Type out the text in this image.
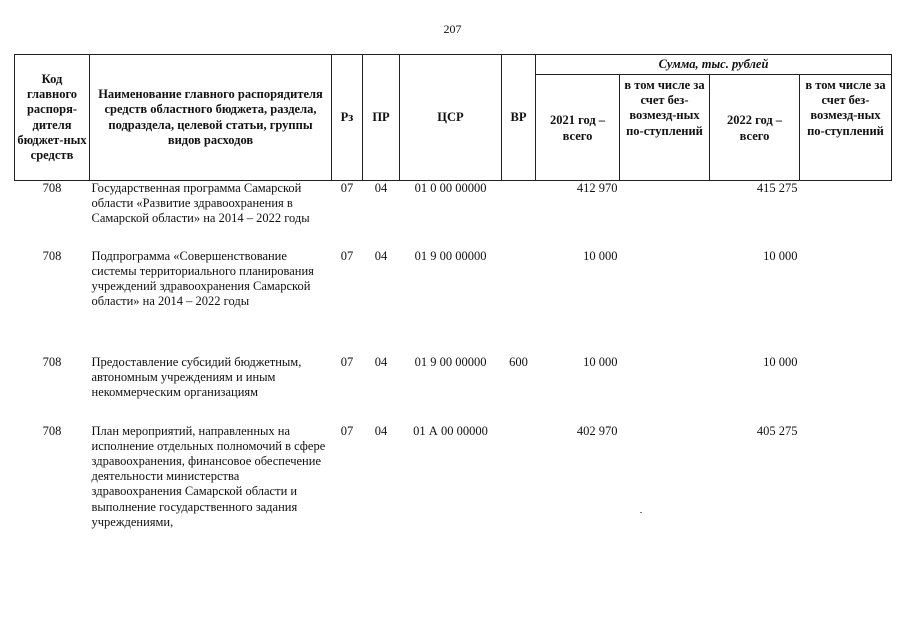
207
Код главного распоря-дителя бюджет-ных средств	Наименование главного распорядителя средств областного бюджета, раздела, подраздела, целевой статьи, группы видов расходов	Рз	ПР	ЦСР	ВР	Сумма, тыс. рублей			
						2021 год – всего	в том числе за счет без-возмезд-ных по-ступлений	2022 год – всего	в том числе за счет без-возмезд-ных по-ступлений
708	Государственная программа Самарской области «Развитие здравоохранения в Самарской области» на 2014 – 2022 годы	07	04	01 0 00 00000		412 970		415 275	
708	Подпрограмма «Совершенствование системы территориального планирования учреждений здравоохранения Самарской области» на 2014 – 2022 годы	07	04	01 9 00 00000		10 000		10 000	
708	Предоставление субсидий бюджетным, автономным учреждениям и иным некоммерческим организациям	07	04	01 9 00 00000	600	10 000		10 000	
708	План мероприятий, направленных на исполнение отдельных полномочий в сфере здравоохранения, финансовое обеспечение деятельности министерства здравоохранения Самарской области и выполнение государственного задания учреждениями,	07	04	01 А 00 00000		402 970		405 275	
